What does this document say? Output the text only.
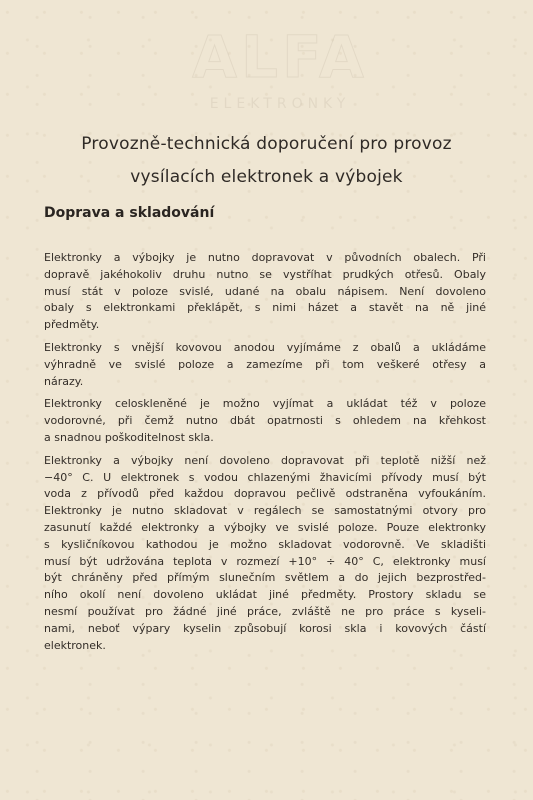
ALFA
ELEKTRONKY
Provozně-technická doporučení pro provoz
vysílacích elektronek a výbojek
Doprava a skladování
Elektronky a výbojky je nutno dopravovat v původních obalech. Při
dopravě jakéhokoliv druhu nutno se vystříhat prudkých otřesů. Obaly
musí stát v poloze svislé, udané na obalu nápisem. Není dovoleno
obaly s elektronkami překlápět, s nimi házet a stavět na ně jiné
předměty.
Elektronky s vnější kovovou anodou vyjímáme z obalů a ukládáme
výhradně ve svislé poloze a zamezíme při tom veškeré otřesy a
nárazy.
Elektronky celoskleněné je možno vyjímat a ukládat též v poloze
vodorovné, při čemž nutno dbát opatrnosti s ohledem na křehkost
a snadnou poškoditelnost skla.
Elektronky a výbojky není dovoleno dopravovat při teplotě nižší než
−40° C. U elektronek s vodou chlazenými žhavicími přívody musí být
voda z přívodů před každou dopravou pečlivě odstraněna vyfoukáním.
Elektronky je nutno skladovat v regálech se samostatnými otvory pro
zasunutí každé elektronky a výbojky ve svislé poloze. Pouze elektronky
s kysličníkovou kathodou je možno skladovat vodorovně. Ve skladišti
musí být udržována teplota v rozmezí +10° ÷ 40° C, elektronky musí
být chráněny před přímým slunečním světlem a do jejich bezprostřed-
ního okolí není dovoleno ukládat jiné předměty. Prostory skladu se
nesmí používat pro žádné jiné práce, zvláště ne pro práce s kyseli-
nami, neboť výpary kyselin způsobují korosi skla i kovových částí
elektronek.
